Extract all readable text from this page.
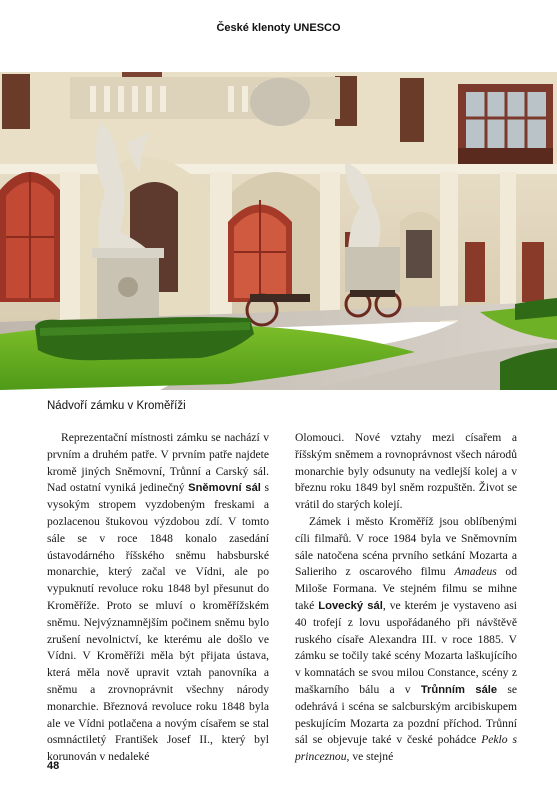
České klenoty UNESCO
Nádvoří zámku v Kroměříži

Reprezentační místnosti zámku se nachází v prvním a druhém patře. V prvním patře najdete kromě jiných Sněmovní, Trůnní a Carský sál. Nad ostatní vyniká jedinečný Sněmovní sál s vysokým stropem vyzdobeným freskami a pozlacenou štukovou výzdobou zdí. V tomto sále se v roce 1848 konalo zasedání ústavodárného říšského sněmu habsburské monarchie, který začal ve Vídni, ale po vypuknutí revoluce roku 1848 byl přesunut do Kroměříže. Proto se mluví o kroměřížském sněmu. Nejvýznamnějším počinem sněmu bylo zrušení nevolnictví, ke kterému ale došlo ve Vídni. V Kroměříži měla být přijata ústava, která měla nově upravit vztah panovníka a sněmu a zrovnoprávnit všechny národy monarchie. Březnová revoluce roku 1848 byla ale ve Vídni potlačena a novým císařem se stal osmnáctiletý František Josef II., který byl korunován v nedaleké

Olomouci. Nové vztahy mezi císařem a říšským sněmem a rovnoprávnost všech národů monarchie byly odsunuty na vedlejší kolej a v březnu roku 1849 byl sněm rozpuštěn. Život se vrátil do starých kolejí.

Zámek i město Kroměříž jsou oblíbenými cíli filmařů. V roce 1984 byla ve Sněmovním sále natočena scéna prvního setkání Mozarta a Salieriho z oscarového filmu Amadeus od Miloše Formana. Ve stejném filmu se mihne také Lovecký sál, ve kterém je vystaveno asi 40 trofejí z lovu uspořádaného při návštěvě ruského císaře Alexandra III. v roce 1885. V zámku se točily také scény Mozarta laškujícího v komnatách se svou milou Constance, scény z maškarního bálu a v Trůnním sále se odehrává i scéna se salcburským arcibiskupem peskujícím Mozarta za pozdní příchod. Trůnní sál se objevuje také v české pohádce Peklo s princeznou, ve stejné

48
